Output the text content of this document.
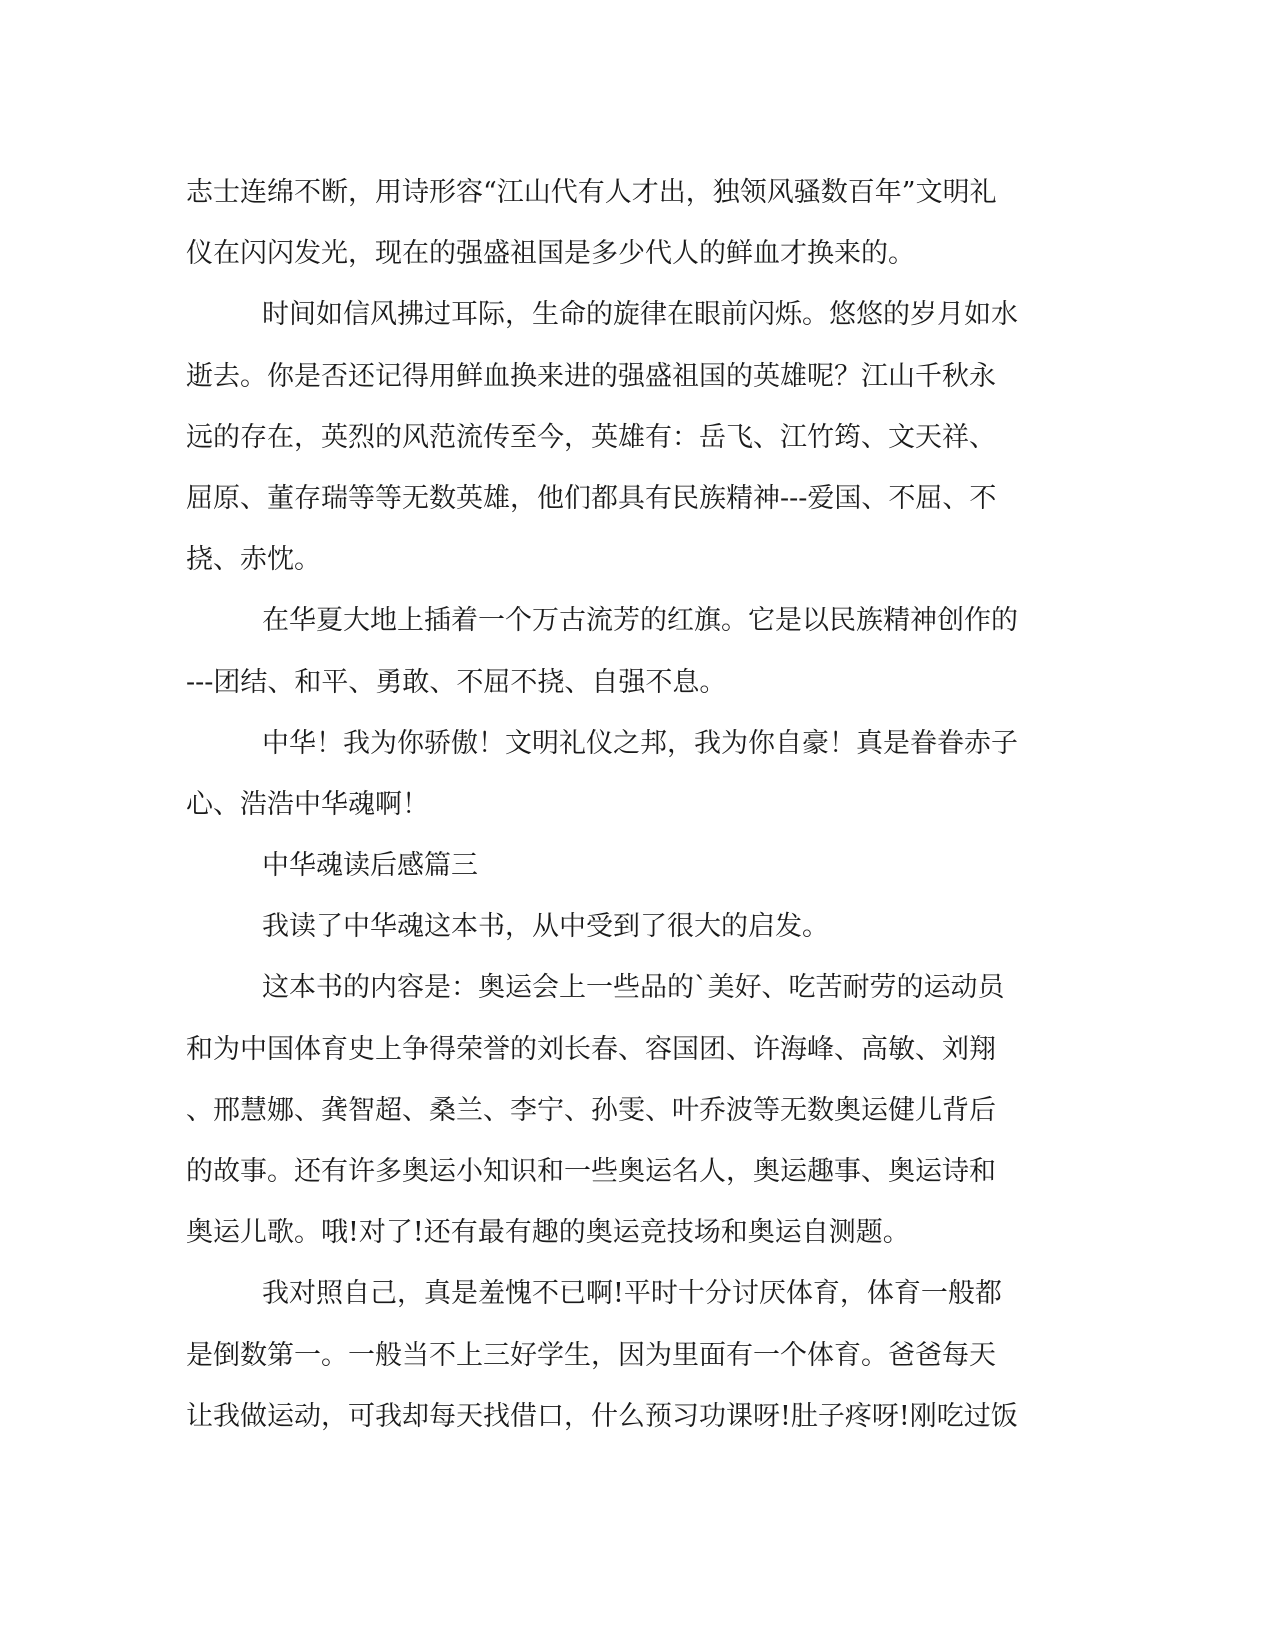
志士连绵不断，用诗形容“江山代有人才出，独领风骚数百年”文明礼
仪在闪闪发光，现在的强盛祖国是多少代人的鲜血才换来的。
时间如信风拂过耳际，生命的旋律在眼前闪烁。悠悠的岁月如水
逝去。你是否还记得用鲜血换来进的强盛祖国的英雄呢？江山千秋永
远的存在，英烈的风范流传至今，英雄有：岳飞、江竹筠、文天祥、
屈原、董存瑞等等无数英雄，他们都具有民族精神---爱国、不屈、不
挠、赤忱。
在华夏大地上插着一个万古流芳的红旗。它是以民族精神创作的
---团结、和平、勇敢、不屈不挠、自强不息。
中华！我为你骄傲！文明礼仪之邦，我为你自豪！真是眷眷赤子
心、浩浩中华魂啊！
中华魂读后感篇三
我读了中华魂这本书，从中受到了很大的启发。
这本书的内容是：奥运会上一些品的`美好、吃苦耐劳的运动员
和为中国体育史上争得荣誉的刘长春、容国团、许海峰、高敏、刘翔
、邢慧娜、龚智超、桑兰、李宁、孙雯、叶乔波等无数奥运健儿背后
的故事。还有许多奥运小知识和一些奥运名人，奥运趣事、奥运诗和
奥运儿歌。哦!对了!还有最有趣的奥运竞技场和奥运自测题。
我对照自己，真是羞愧不已啊!平时十分讨厌体育，体育一般都
是倒数第一。一般当不上三好学生，因为里面有一个体育。爸爸每天
让我做运动，可我却每天找借口，什么预习功课呀!肚子疼呀!刚吃过饭
